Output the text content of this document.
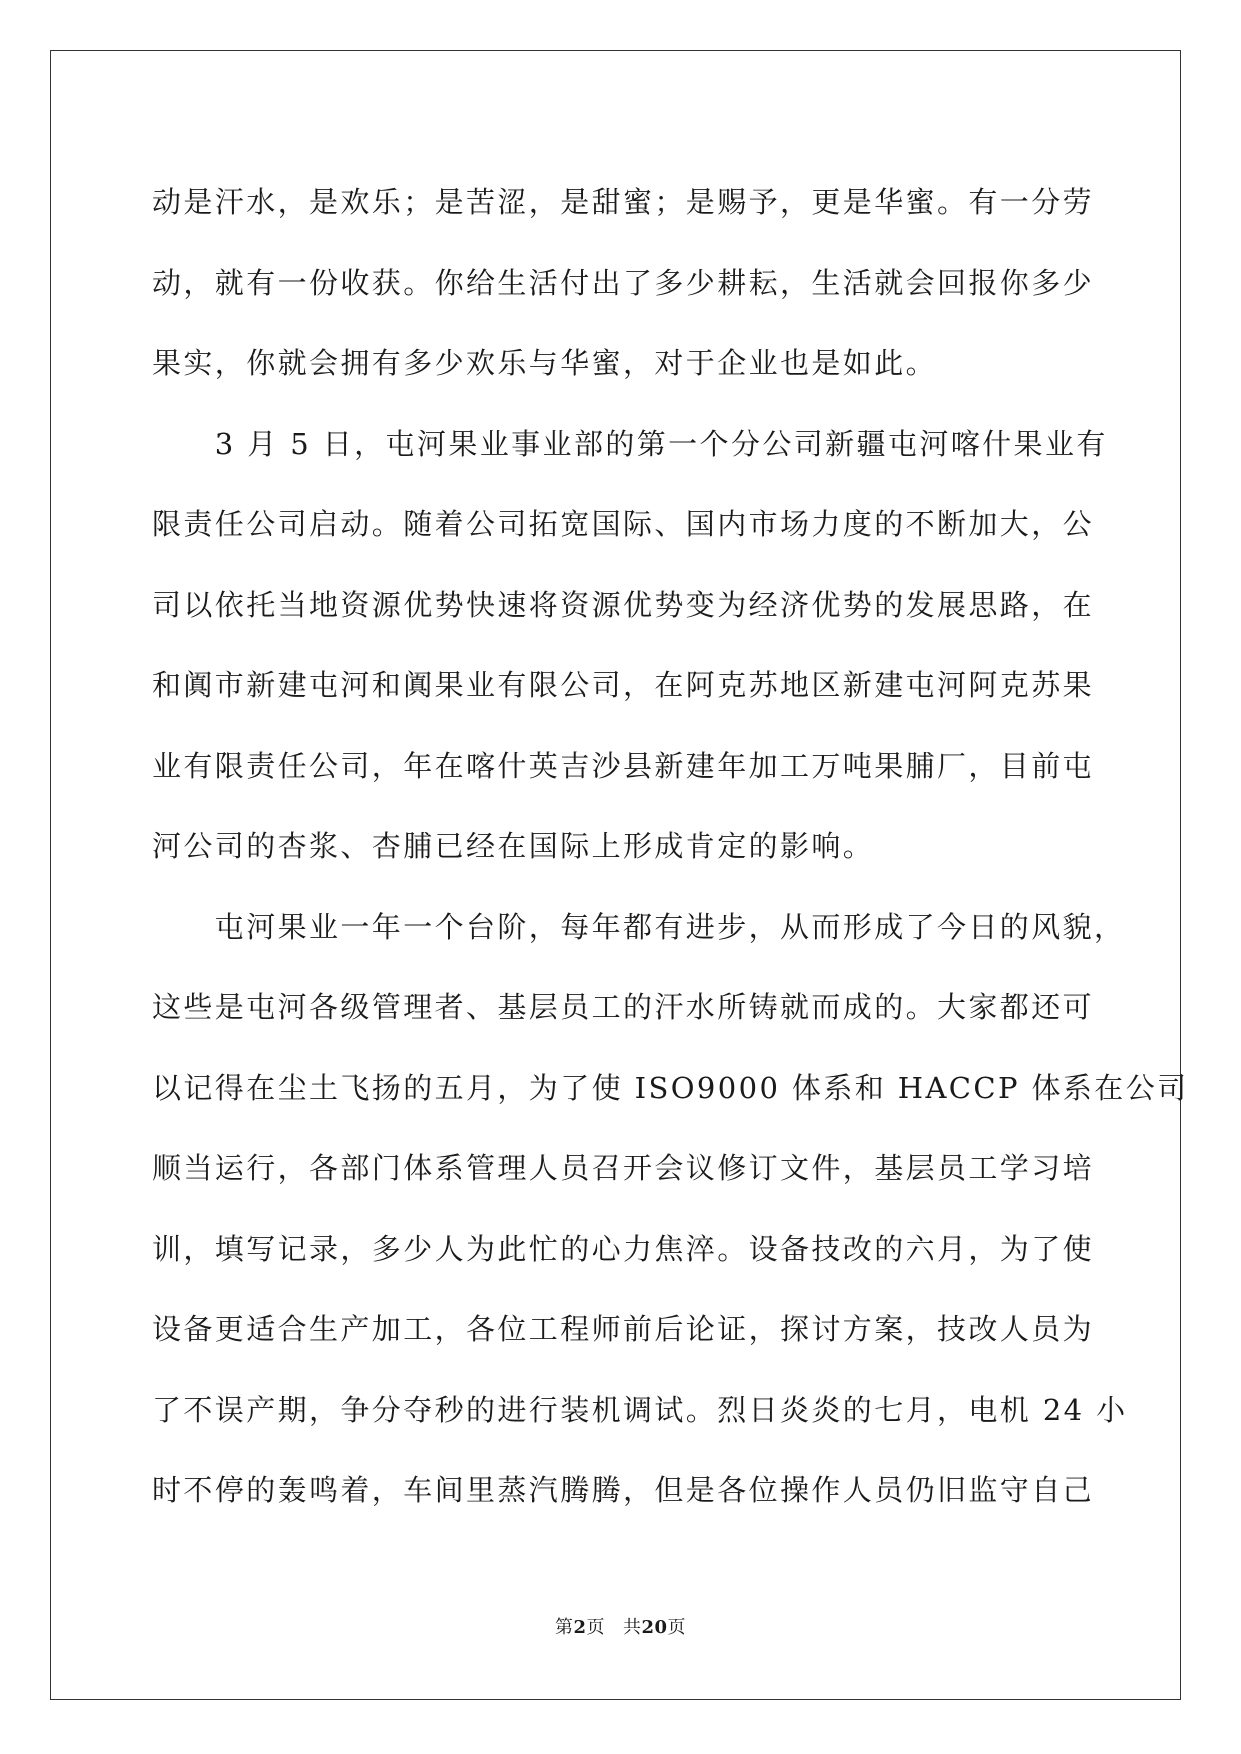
动是汗水，是欢乐；是苦涩，是甜蜜；是赐予，更是华蜜。有一分劳
动，就有一份收获。你给生活付出了多少耕耘，生活就会回报你多少
果实，你就会拥有多少欢乐与华蜜，对于企业也是如此。
　　3 月 5 日，屯河果业事业部的第一个分公司新疆屯河喀什果业有
限责任公司启动。随着公司拓宽国际、国内市场力度的不断加大，公
司以依托当地资源优势快速将资源优势变为经济优势的发展思路，在
和阗市新建屯河和阗果业有限公司，在阿克苏地区新建屯河阿克苏果
业有限责任公司，年在喀什英吉沙县新建年加工万吨果脯厂，目前屯
河公司的杏浆、杏脯已经在国际上形成肯定的影响。
　　屯河果业一年一个台阶，每年都有进步，从而形成了今日的风貌，
这些是屯河各级管理者、基层员工的汗水所铸就而成的。大家都还可
以记得在尘土飞扬的五月，为了使 ISO9000 体系和 HACCP 体系在公司
顺当运行，各部门体系管理人员召开会议修订文件，基层员工学习培
训，填写记录，多少人为此忙的心力焦淬。设备技改的六月，为了使
设备更适合生产加工，各位工程师前后论证，探讨方案，技改人员为
了不误产期，争分夺秒的进行装机调试。烈日炎炎的七月，电机 24 小
时不停的轰鸣着，车间里蒸汽腾腾，但是各位操作人员仍旧监守自己
第2页 共20页
